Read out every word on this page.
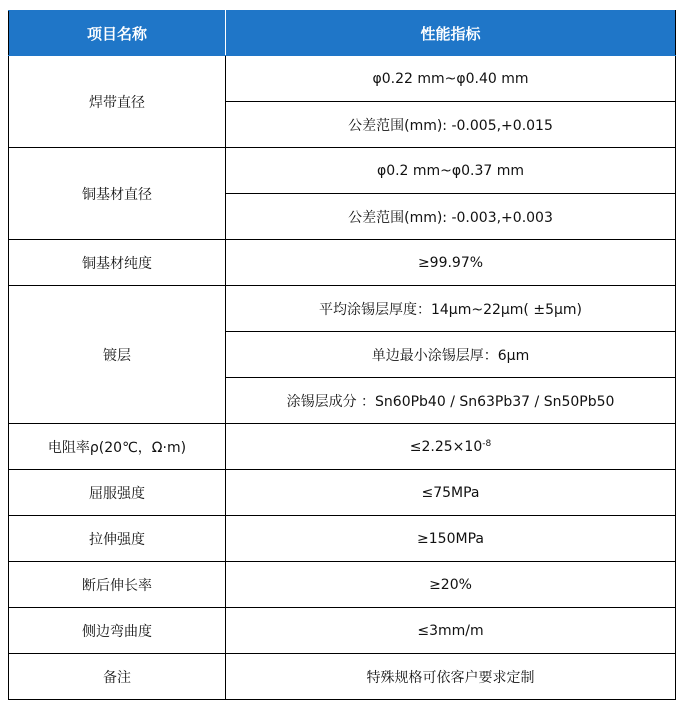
项目名称	性能指标
焊带直径	φ0.22 mm~φ0.40 mm
	公差范围(mm): -0.005,+0.015
铜基材直径	φ0.2 mm~φ0.37 mm
	公差范围(mm): -0.003,+0.003
铜基材纯度	≥99.97%
镀层	平均涂锡层厚度：14μm~22μm( ±5μm)
	单边最小涂锡层厚：6μm
	涂锡层成分 ：Sn60Pb40 / Sn63Pb37 / Sn50Pb50
电阻率ρ(20℃，Ω·m)	$\le 2.25\times 10^{-8}$
屈服强度	≤75MPa
拉伸强度	≥150MPa
断后伸长率	≥20%
侧边弯曲度	≤3mm/m
备注	特殊规格可依客户要求定制
